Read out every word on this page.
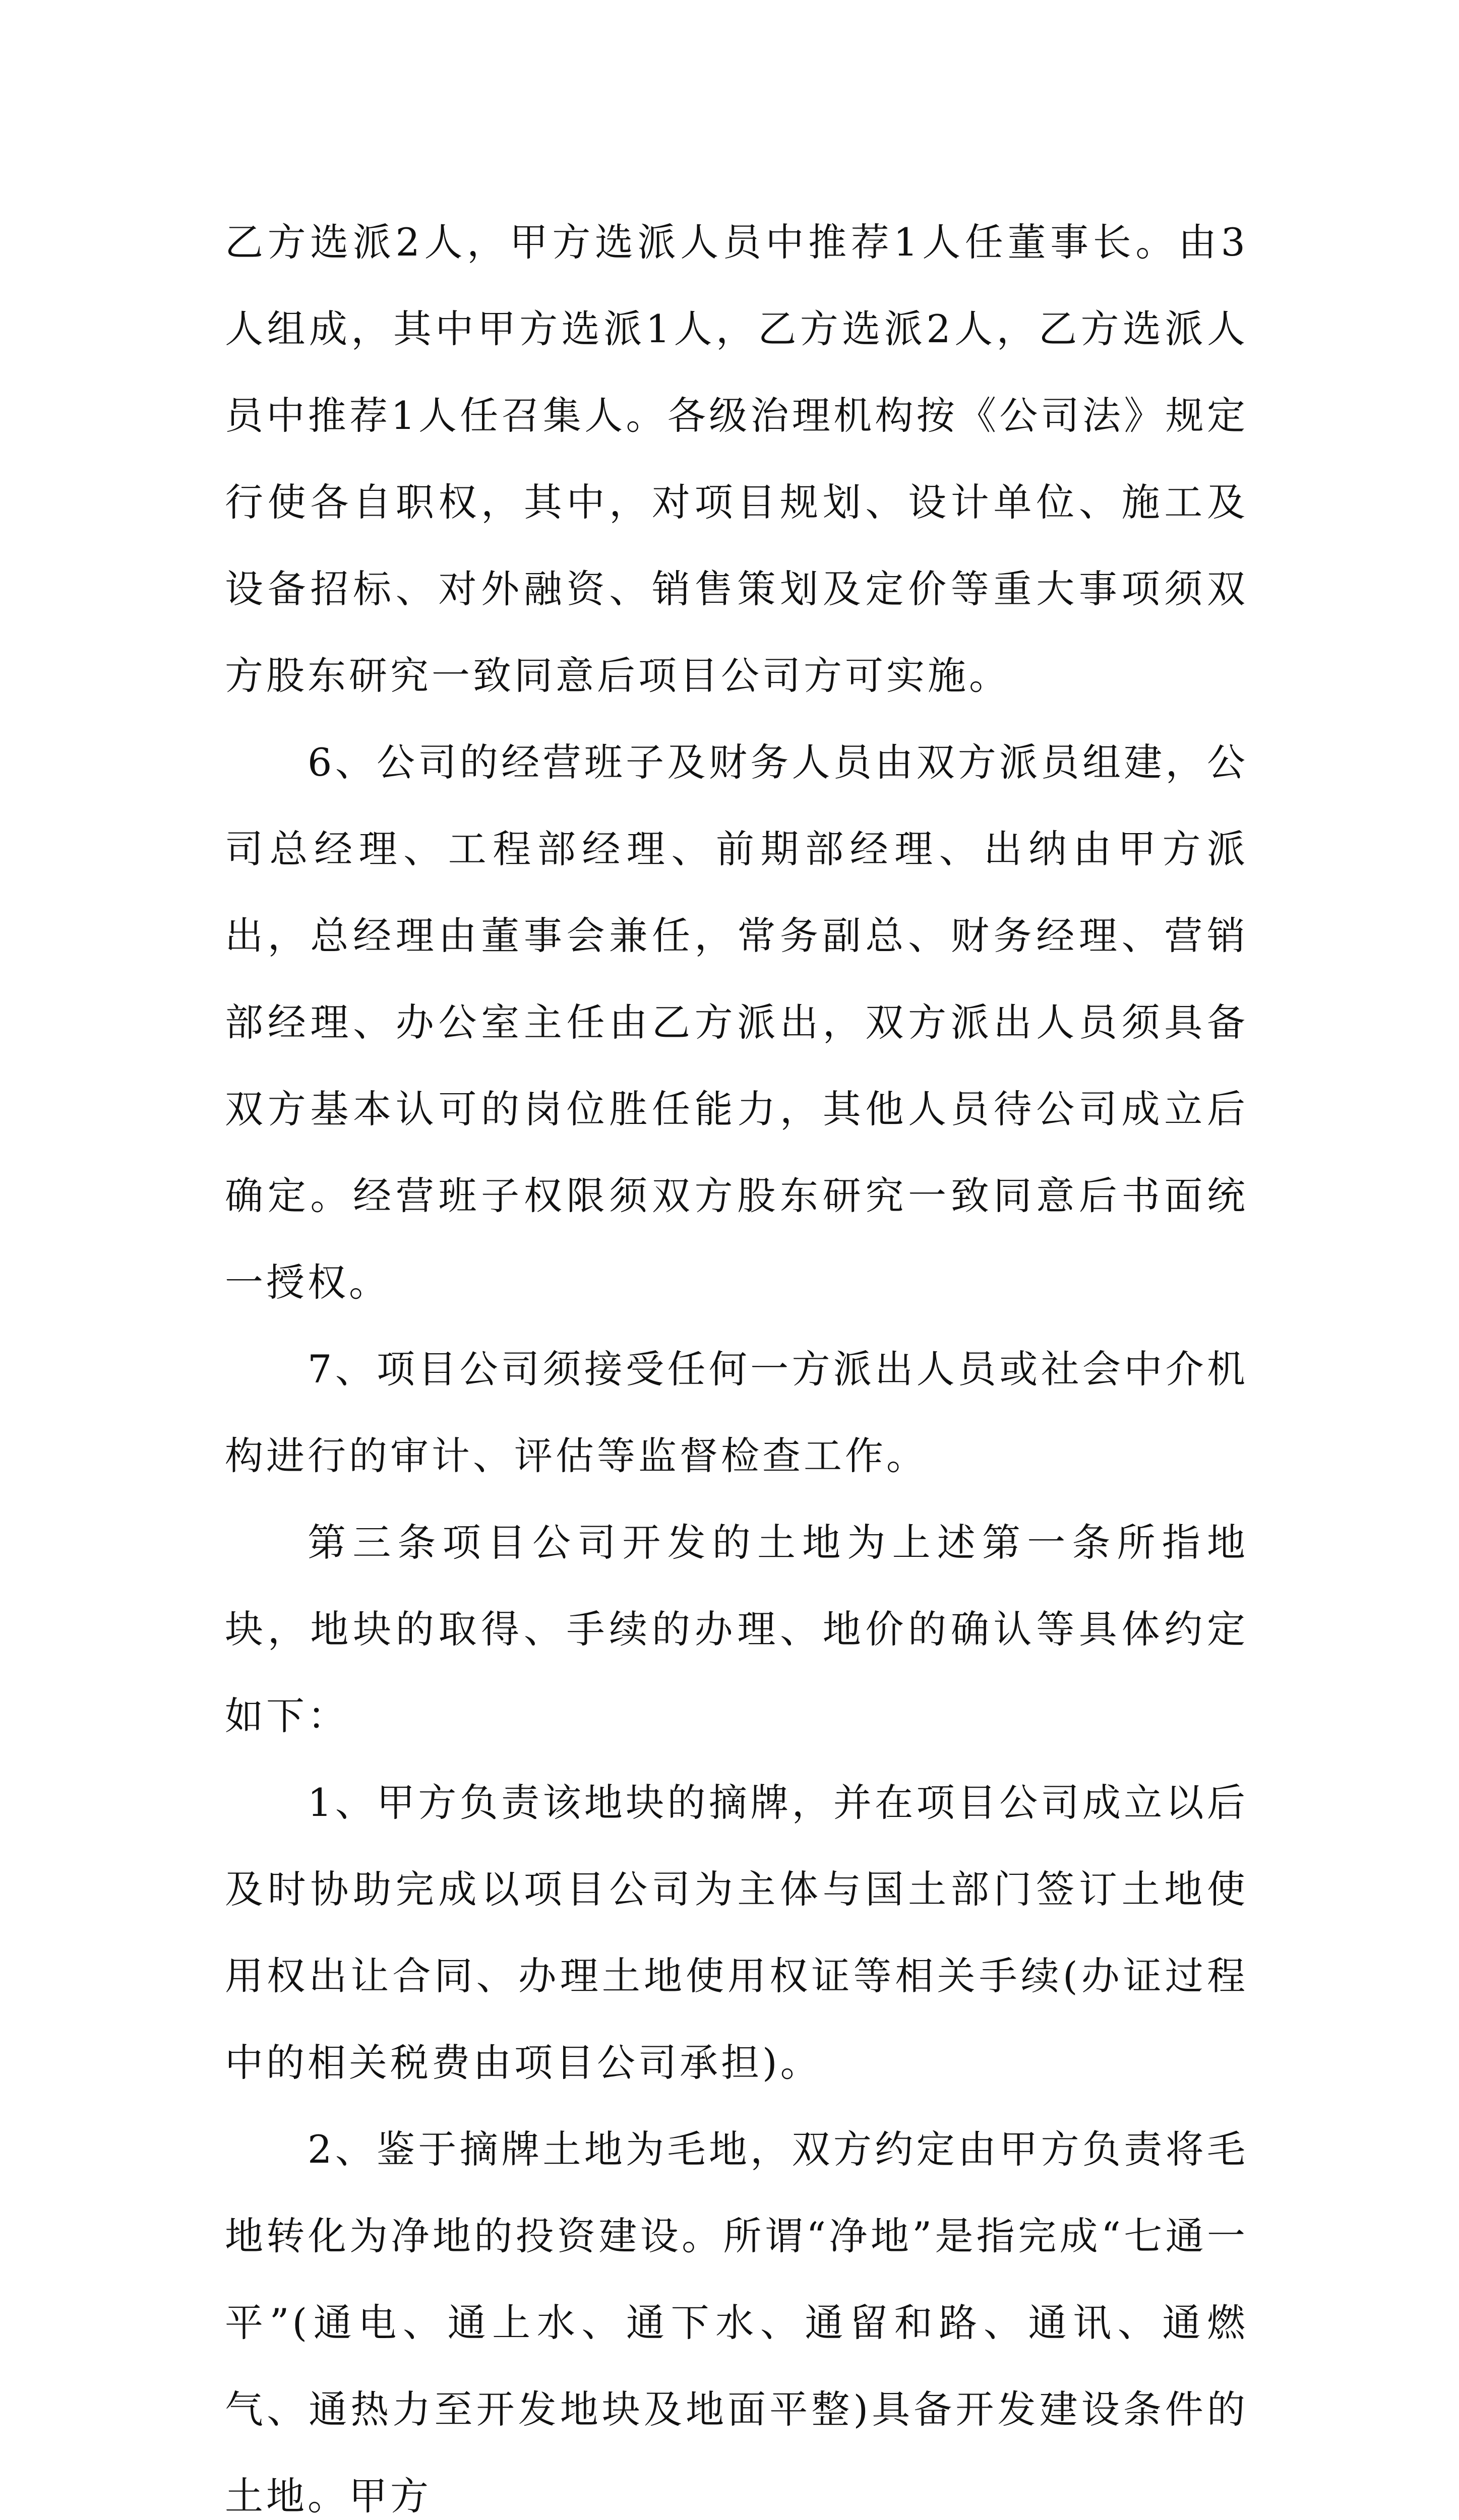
乙方选派2人，甲方选派人员中推荐1人任董事长。由3人组成，其中甲方选派1人，乙方选派2人，乙方选派人员中推荐1人任召集人。各级治理机构按《公司法》规定行使各自职权，其中，对项目规划、设计单位、施工及设备招标、对外融资、销售策划及定价等重大事项须双方股东研究一致同意后项目公司方可实施。

6、公司的经营班子及财务人员由双方派员组建，公司总经理、工程部经理、前期部经理、出纳由甲方派出，总经理由董事会兼任，常务副总、财务经理、营销部经理、办公室主任由乙方派出，双方派出人员须具备双方基本认可的岗位胜任能力，其他人员待公司成立后确定。经营班子权限须双方股东研究一致同意后书面统一授权。

7、项目公司须接受任何一方派出人员或社会中介机构进行的审计、评估等监督检查工作。

第三条项目公司开发的土地为上述第一条所指地块，地块的取得、手续的办理、地价的确认等具体约定如下：

1、甲方负责该地块的摘牌，并在项目公司成立以后及时协助完成以项目公司为主体与国土部门签订土地使用权出让合同、办理土地使用权证等相关手续(办证过程中的相关税费由项目公司承担)。

2、鉴于摘牌土地为毛地，双方约定由甲方负责将毛地转化为净地的投资建设。所谓“净地”是指完成“七通一平”(通电、通上水、通下水、通留和路、通讯、通燃气、通热力至开发地块及地面平整)具备开发建设条件的土地。甲方
